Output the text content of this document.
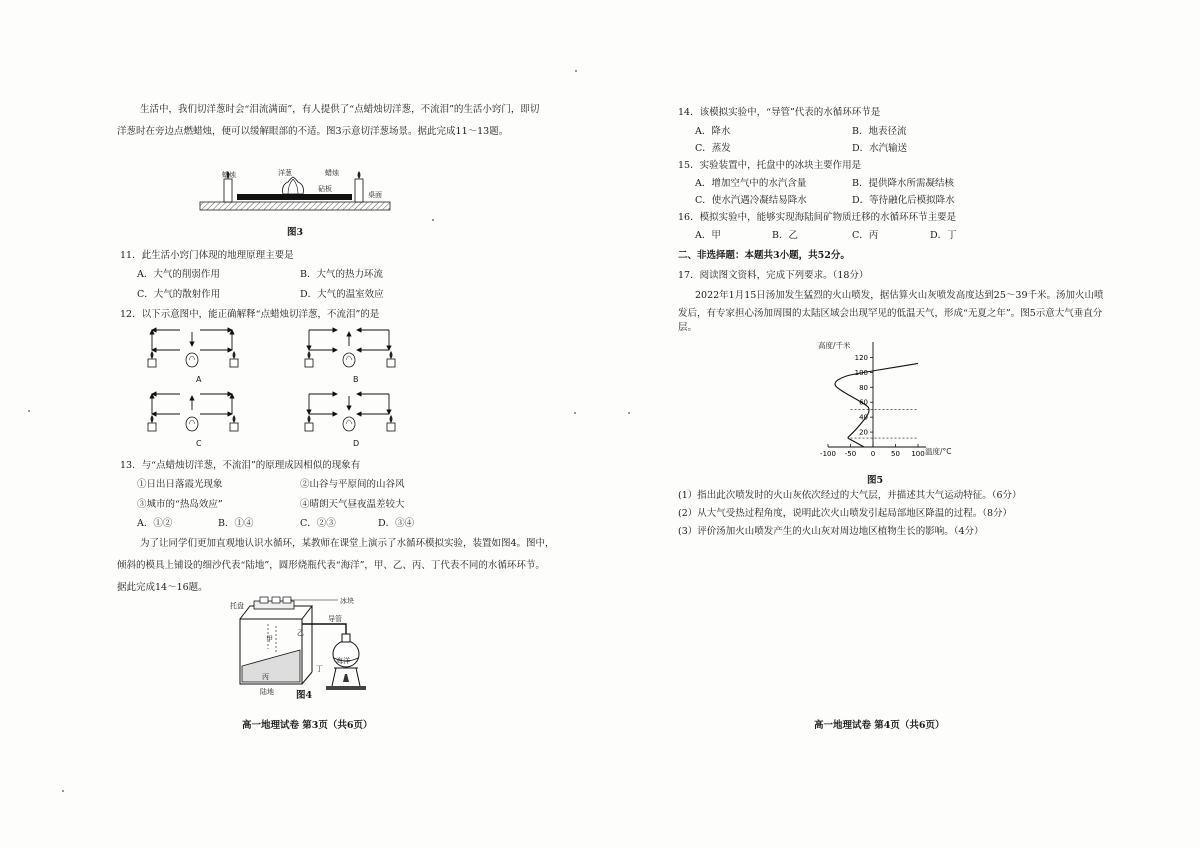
生活中，我们切洋葱时会“泪流满面”，有人提供了“点蜡烛切洋葱，不流泪”的生活小窍门，即切
洋葱时在旁边点燃蜡烛，便可以缓解眼部的不适。图3示意切洋葱场景。据此完成11～13题。
蜡烛	洋葱	蜡烛
砧板
桌面
图3
11．此生活小窍门体现的地理原理主要是
A．大气的削弱作用	B．大气的热力环流
C．大气的散射作用	D．大气的温室效应
12．以下示意图中，能正确解释“点蜡烛切洋葱，不流泪”的是
A	B
C	D
13．与“点蜡烛切洋葱，不流泪”的原理成因相似的现象有
①日出日落霞光现象	②山谷与平原间的山谷风
③城市的“热岛效应”	④晴朗天气昼夜温差较大
A．①②	B．①④	C．②③	D．③④
为了让同学们更加直观地认识水循环，某教师在课堂上演示了水循环模拟实验，装置如图4。图中，
倾斜的模具上铺设的细沙代表“陆地”，圆形烧瓶代表“海洋”，甲、乙、丙、丁代表不同的水循环环节。
据此完成14～16题。
托盘
冰块
导管
甲
乙
丙
丁
海洋
陆地 图4
高一地理试卷 第3页（共6页）
14．该模拟实验中，“导管”代表的水循环环节是
A．降水	B．地表径流
C．蒸发	D．水汽输送
15．实验装置中，托盘中的冰块主要作用是
A．增加空气中的水汽含量	B．提供降水所需凝结核
C．使水汽遇冷凝结易降水	D．等待融化后模拟降水
16．模拟实验中，能够实现海陆间矿物质迁移的水循环环节主要是
A．甲	B．乙	C．丙	D．丁
二、非选择题：本题共3小题，共52分。
17．阅读图文资料，完成下列要求。（18分）
2022年1月15日汤加发生猛烈的火山喷发，据估算火山灰喷发高度达到25～39千米。汤加火山喷
发后，有专家担心汤加周围的太陆区域会出现罕见的低温天气，形成“无夏之年”。图5示意大气垂直分
层。
20
40
60
80
100
120
-100 -50 0 50 100
高度/千米
温度/°C
图5
(1）指出此次喷发时的火山灰依次经过的大气层，并描述其大气运动特征。（6分）
(2）从大气受热过程角度，说明此次火山喷发引起局部地区降温的过程。（8分）
(3）评价汤加火山喷发产生的火山灰对周边地区植物生长的影响。（4分）
高一地理试卷 第4页（共6页）
